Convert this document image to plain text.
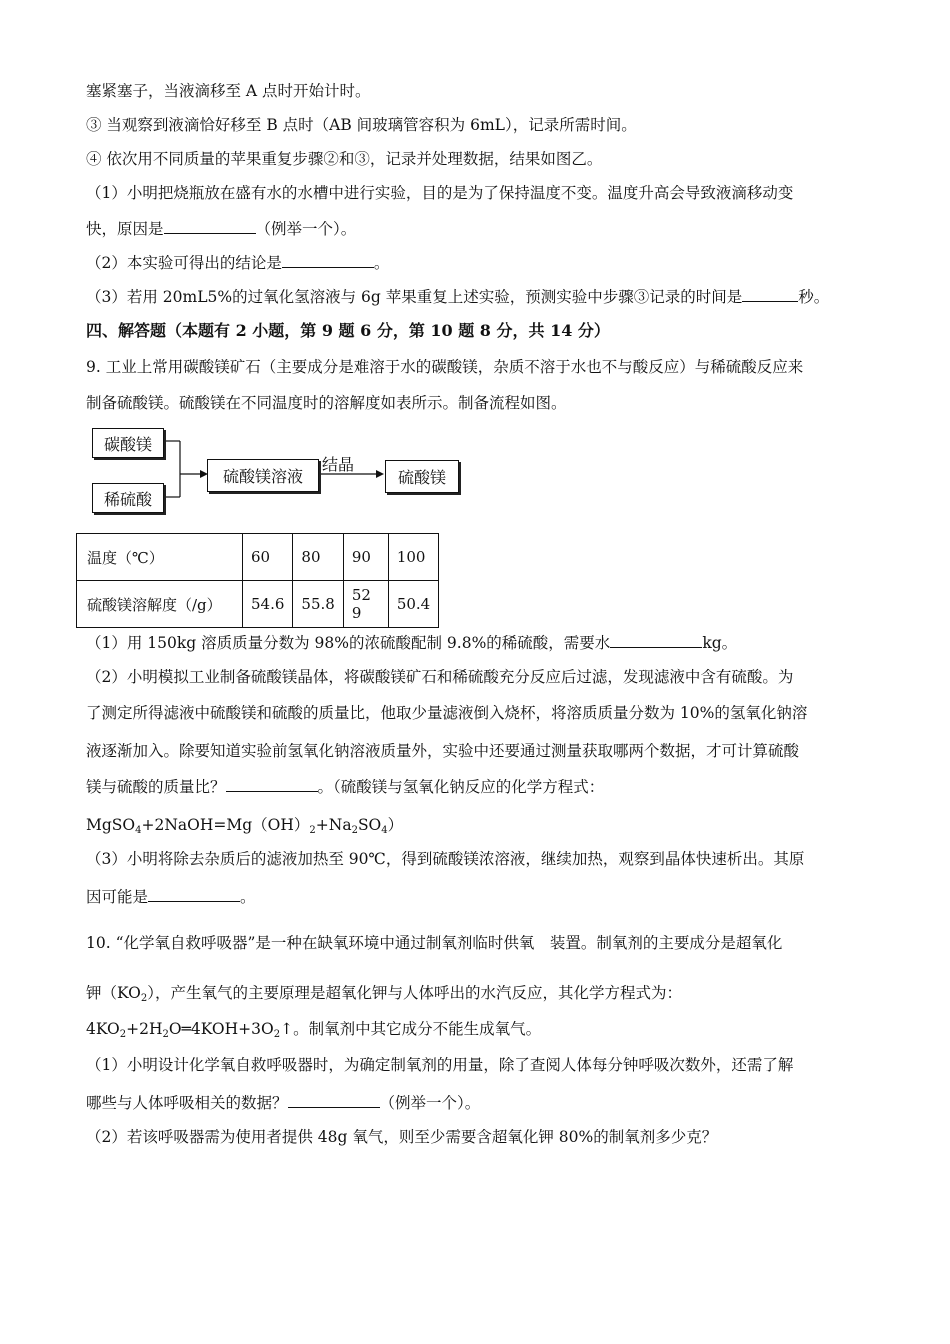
塞紧塞子，当液滴移至 A 点时开始计时。
③ 当观察到液滴恰好移至 B 点时（AB 间玻璃管容积为 6mL），记录所需时间。
④ 依次用不同质量的苹果重复步骤②和③，记录并处理数据，结果如图乙。
（1）小明把烧瓶放在盛有水的水槽中进行实验，目的是为了保持温度不变。温度升高会导致液滴移动变
快，原因是	（例举一个）。
（2）本实验可得出的结论是	。
（3）若用 20mL5%的过氧化氢溶液与 6g 苹果重复上述实验，预测实验中步骤③记录的时间是	秒。
四、解答题（本题有 2 小题，第 9 题 6 分，第 10 题 8 分，共 14 分）
9. 工业上常用碳酸镁矿石（主要成分是难溶于水的碳酸镁，杂质不溶于水也不与酸反应）与稀硫酸反应来
制备硫酸镁。硫酸镁在不同温度时的溶解度如表所示。制备流程如图。
碳酸镁
稀硫酸
硫酸镁溶液
结晶
硫酸镁
温度（℃）	60	80	90	100
硫酸镁溶解度（/g）	54.6	55.8	52 9	50.4
（1）用 150kg 溶质质量分数为 98%的浓硫酸配制 9.8%的稀硫酸，需要水	kg。
（2）小明模拟工业制备硫酸镁晶体，将碳酸镁矿石和稀硫酸充分反应后过滤，发现滤液中含有硫酸。为
了测定所得滤液中硫酸镁和硫酸的质量比，他取少量滤液倒入烧杯，将溶质质量分数为 10%的氢氧化钠溶
液逐渐加入。除要知道实验前氢氧化钠溶液质量外，实验中还要通过测量获取哪两个数据，才可计算硫酸
镁与硫酸的质量比？	。（硫酸镁与氢氧化钠反应的化学方程式：
$MgSO_4+2NaOH=Mg(OH)_2+Na_2SO_4$）
（3）小明将除去杂质后的滤液加热至 90℃，得到硫酸镁浓溶液，继续加热，观察到晶体快速析出。其原
因可能是	。
10. “化学氧自救呼吸器”是一种在缺氧环境中通过制氧剂临时供氧　装置。制氧剂的主要成分是超氧化
钾$(KO_2)$，产生氧气的主要原理是超氧化钾与人体呼出的水汽反应，其化学方程式为：
$4KO_2+2H_2O═4KOH+3O_2↑$。制氧剂中其它成分不能生成氧气。
（1）小明设计化学氧自救呼吸器时，为确定制氧剂的用量，除了查阅人体每分钟呼吸次数外，还需了解
哪些与人体呼吸相关的数据？	（例举一个）。
（2）若该呼吸器需为使用者提供 48g 氧气，则至少需要含超氧化钾 80%的制氧剂多少克？
